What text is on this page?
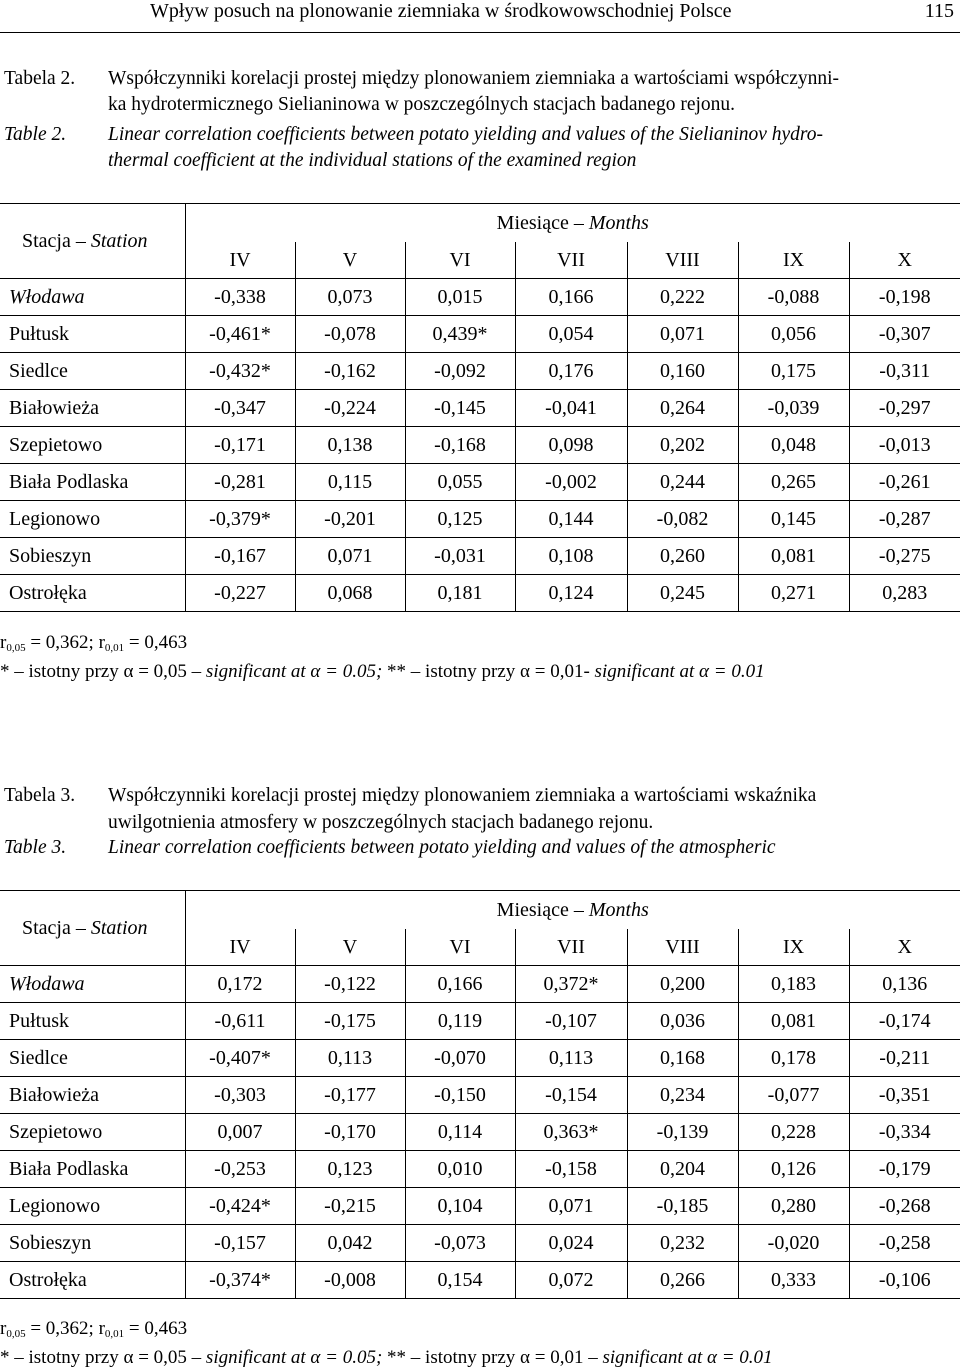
Wpływ posuch na plonowanie ziemniaka w środkowowschodniej Polsce	115
Tabela 2. Współczynniki korelacji prostej między plonowaniem ziemniaka a wartościami współczynni-
ka hydrotermicznego Sielianinowa w poszczególnych stacjach badanego rejonu.
Table 2. Linear correlation coefficients between potato yielding and values of the Sielianinov hydro-
thermal coefficient at the individual stations of the examined region
Stacja – Station	Miesiące – Months						
	IV	V	VI	VII	VIII	IX	X
Włodawa	-0,338	0,073	0,015	0,166	0,222	-0,088	-0,198
Pułtusk	-0,461*	-0,078	0,439*	0,054	0,071	0,056	-0,307
Siedlce	-0,432*	-0,162	-0,092	0,176	0,160	0,175	-0,311
Białowieża	-0,347	-0,224	-0,145	-0,041	0,264	-0,039	-0,297
Szepietowo	-0,171	0,138	-0,168	0,098	0,202	0,048	-0,013
Biała Podlaska	-0,281	0,115	0,055	-0,002	0,244	0,265	-0,261
Legionowo	-0,379*	-0,201	0,125	0,144	-0,082	0,145	-0,287
Sobieszyn	-0,167	0,071	-0,031	0,108	0,260	0,081	-0,275
Ostrołęka	-0,227	0,068	0,181	0,124	0,245	0,271	0,283
$r_{0,05} = 0,362$; $r_{0,01} = 0,463$
* – istotny przy α = 0,05 – significant at α = 0.05; ** – istotny przy α = 0,01- significant at α = 0.01
Tabela 3. Współczynniki korelacji prostej między plonowaniem ziemniaka a wartościami wskaźnika
uwilgotnienia atmosfery w poszczególnych stacjach badanego rejonu.
Table 3. Linear correlation coefficients between potato yielding and values of the atmospheric
Stacja – Station	Miesiące – Months						
	IV	V	VI	VII	VIII	IX	X
Włodawa	0,172	-0,122	0,166	0,372*	0,200	0,183	0,136
Pułtusk	-0,611	-0,175	0,119	-0,107	0,036	0,081	-0,174
Siedlce	-0,407*	0,113	-0,070	0,113	0,168	0,178	-0,211
Białowieża	-0,303	-0,177	-0,150	-0,154	0,234	-0,077	-0,351
Szepietowo	0,007	-0,170	0,114	0,363*	-0,139	0,228	-0,334
Biała Podlaska	-0,253	0,123	0,010	-0,158	0,204	0,126	-0,179
Legionowo	-0,424*	-0,215	0,104	0,071	-0,185	0,280	-0,268
Sobieszyn	-0,157	0,042	-0,073	0,024	0,232	-0,020	-0,258
Ostrołęka	-0,374*	-0,008	0,154	0,072	0,266	0,333	-0,106
$r_{0,05} = 0,362$; $r_{0,01} = 0,463$
* – istotny przy α = 0,05 – significant at α = 0.05; ** – istotny przy α = 0,01 – significant at α = 0.01
